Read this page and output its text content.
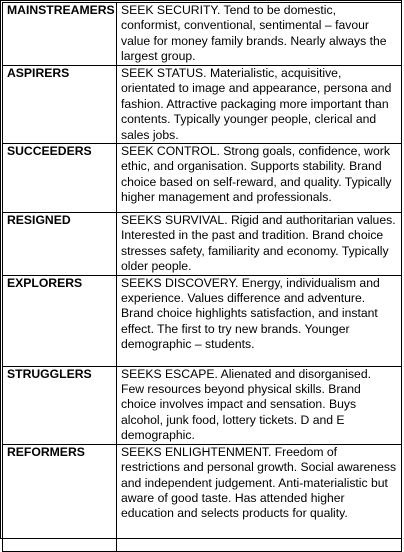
MAINSTREAMERS	SEEK SECURITY. Tend to be domestic, conformist, conventional, sentimental – favour value for money family brands. Nearly always the largest group.
ASPIRERS	SEEK STATUS. Materialistic, acquisitive, orientated to image and appearance, persona and fashion. Attractive packaging more important than contents. Typically younger people, clerical and sales jobs.
SUCCEEDERS	SEEK CONTROL. Strong goals, confidence, work ethic, and organisation. Supports stability. Brand choice based on self-reward, and quality. Typically higher management and professionals.
RESIGNED	SEEKS SURVIVAL. Rigid and authoritarian values. Interested in the past and tradition. Brand choice stresses safety, familiarity and economy. Typically older people.
EXPLORERS	SEEKS DISCOVERY. Energy, individualism and experience. Values difference and adventure. Brand choice highlights satisfaction, and instant effect. The first to try new brands. Younger demographic – students.
STRUGGLERS	SEEKS ESCAPE. Alienated and disorganised. Few resources beyond physical skills. Brand choice involves impact and sensation. Buys alcohol, junk food, lottery tickets. D and E demographic.
REFORMERS	SEEKS ENLIGHTENMENT. Freedom of restrictions and personal growth. Social awareness and independent judgement. Anti-materialistic but aware of good taste. Has attended higher education and selects products for quality.
